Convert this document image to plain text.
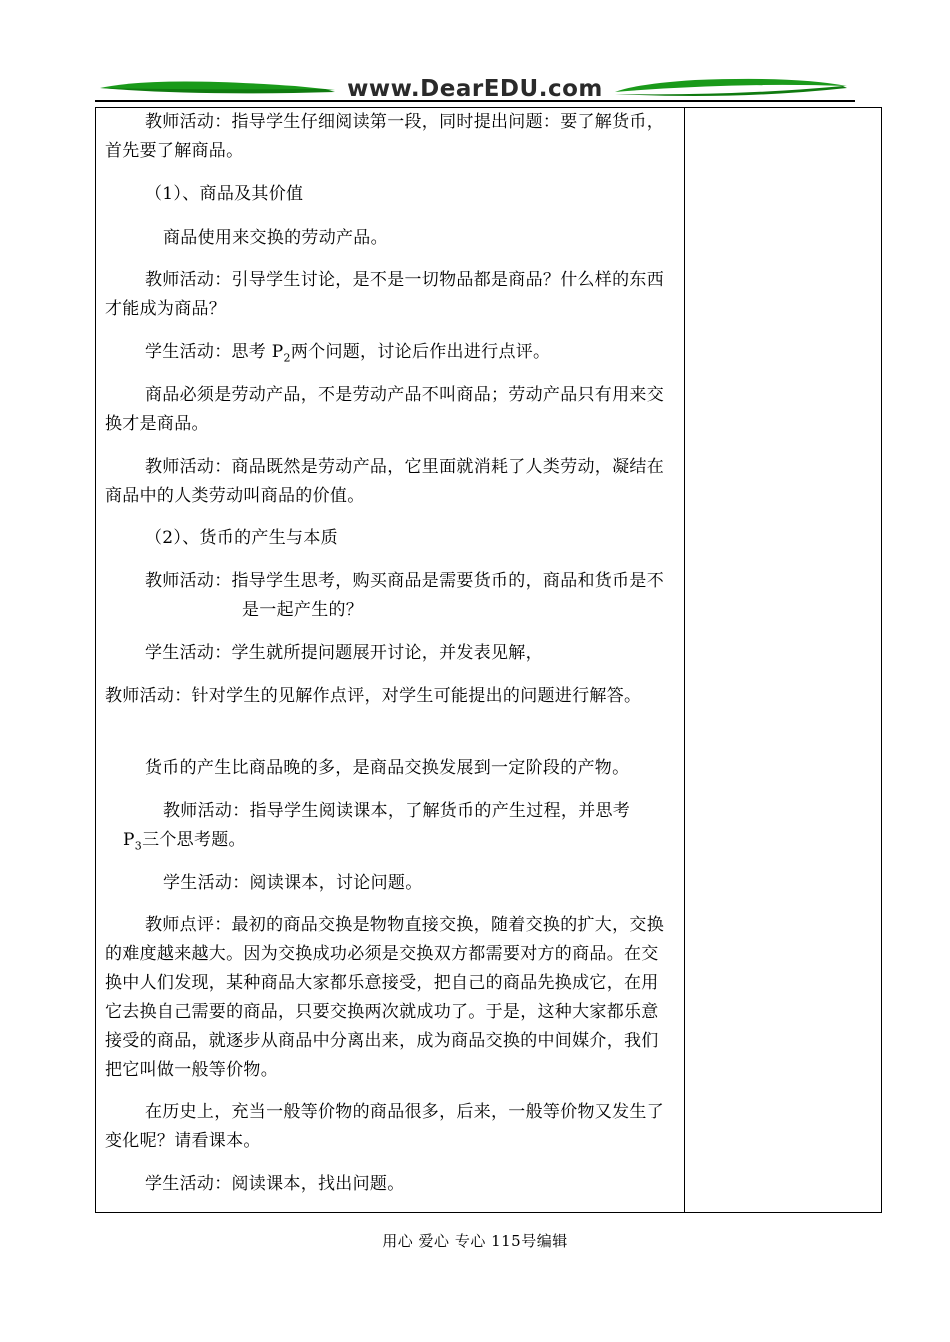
www.DearEDU.com

教师活动：指导学生仔细阅读第一段，同时提出问题：要了解货币，首先要了解商品。

（1）、商品及其价值

商品使用来交换的劳动产品。

教师活动：引导学生讨论，是不是一切物品都是商品？什么样的东西才能成为商品？

学生活动：思考 $P_2$两个问题，讨论后作出进行点评。

商品必须是劳动产品，不是劳动产品不叫商品；劳动产品只有用来交换才是商品。

教师活动：商品既然是劳动产品，它里面就消耗了人类劳动，凝结在商品中的人类劳动叫商品的价值。

（2）、货币的产生与本质

教师活动：指导学生思考，购买商品是需要货币的，商品和货币是不是一起产生的？

学生活动：学生就所提问题展开讨论，并发表见解，

教师活动：针对学生的见解作点评，对学生可能提出的问题进行解答。

货币的产生比商品晚的多，是商品交换发展到一定阶段的产物。

教师活动：指导学生阅读课本，了解货币的产生过程，并思考

$P_3$三个思考题。

学生活动：阅读课本，讨论问题。

教师点评：最初的商品交换是物物直接交换，随着交换的扩大，交换的难度越来越大。因为交换成功必须是交换双方都需要对方的商品。在交换中人们发现，某种商品大家都乐意接受，把自己的商品先换成它，在用它去换自己需要的商品，只要交换两次就成功了。于是，这种大家都乐意接受的商品，就逐步从商品中分离出来，成为商品交换的中间媒介，我们把它叫做一般等价物。

在历史上，充当一般等价物的商品很多，后来，一般等价物又发生了变化呢？请看课本。

学生活动：阅读课本，找出问题。

用心 爱心 专心 115号编辑
